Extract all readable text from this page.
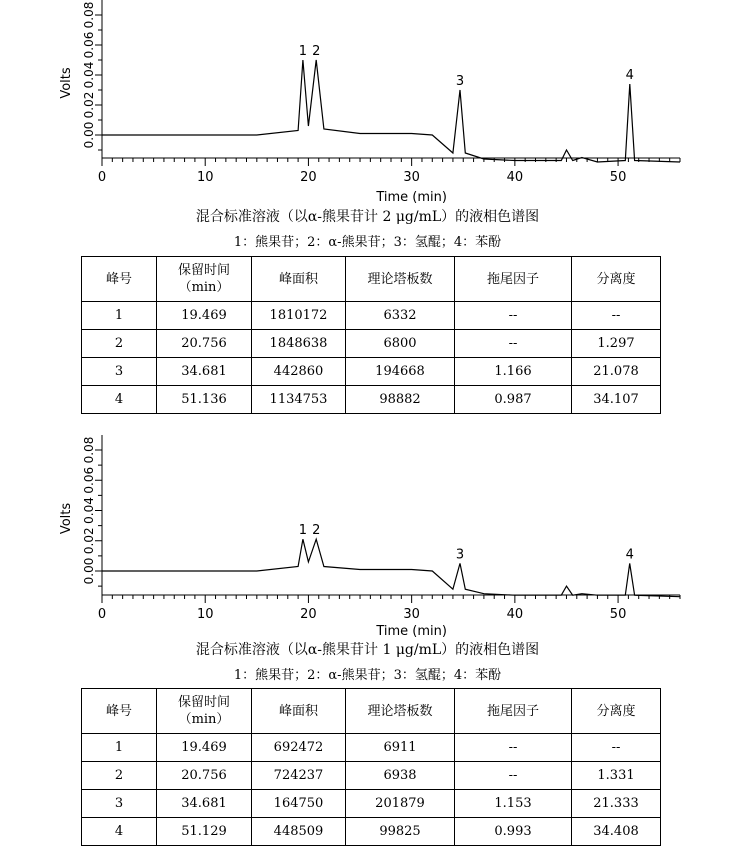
0	10	20	30	40	50
0.00
0.02
0.04
0.06
0.08
Volts
Time (min)
1 2
3	4
混合标准溶液（以α-熊果苷计 2 μg/mL）的液相色谱图
1：熊果苷；2：α-熊果苷；3：氢醌；4：苯酚
峰号	保留时间
（min）	峰面积	理论塔板数	拖尾因子	分离度
1	19.469	1810172	6332	--	--
2	20.756	1848638	6800	--	1.297
3	34.681	442860	194668	1.166	21.078
4	51.136	1134753	98882	0.987	34.107
0	10	20	30	40	50
0.00
0.02
0.04
0.06
0.08
Volts
Time (min)
1 2
3	4
混合标准溶液（以α-熊果苷计 1 μg/mL）的液相色谱图
1：熊果苷；2：α-熊果苷；3：氢醌；4：苯酚
峰号	保留时间
（min）	峰面积	理论塔板数	拖尾因子	分离度
1	19.469	692472	6911	--	--
2	20.756	724237	6938	--	1.331
3	34.681	164750	201879	1.153	21.333
4	51.129	448509	99825	0.993	34.408
